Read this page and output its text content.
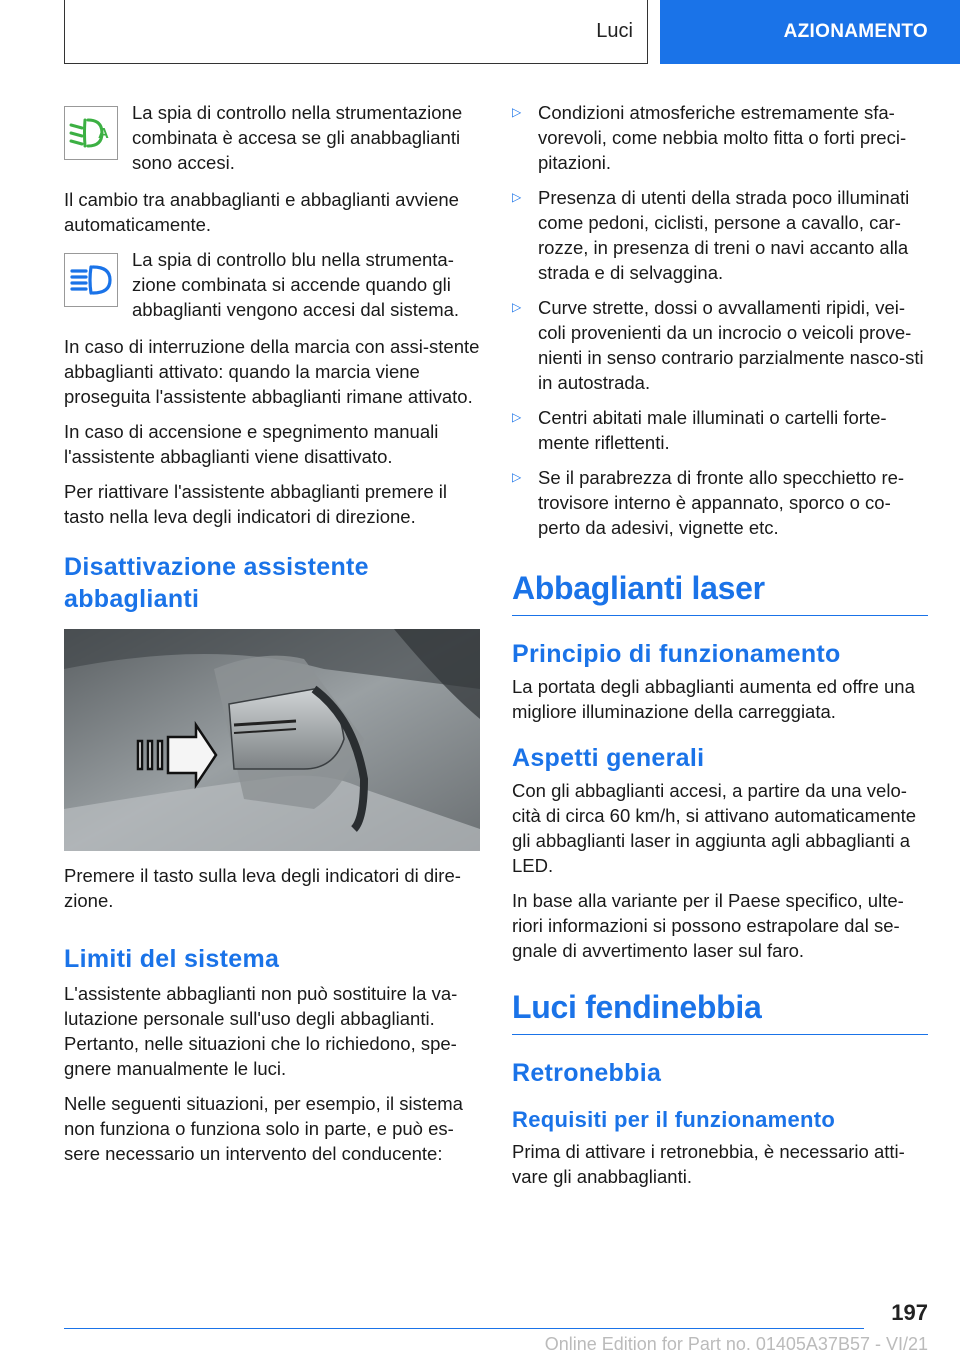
Luci	AZIONAMENTO
A

La spia di controllo nella strumentazione combinata è accesa se gli anabbaglianti sono accesi.

Il cambio tra anabbaglianti e abbaglianti avviene automaticamente.

La spia di controllo blu nella strumenta-zione combinata si accende quando gli abbaglianti vengono accesi dal sistema.

In caso di interruzione della marcia con assi-stente abbaglianti attivato: quando la marcia viene proseguita l'assistente abbaglianti rimane attivato.

In caso di accensione e spegnimento manuali l'assistente abbaglianti viene disattivato.

Per riattivare l'assistente abbaglianti premere il tasto nella leva degli indicatori di direzione.

Disattivazione assistente abbaglianti

Premere il tasto sulla leva degli indicatori di dire-zione.

Limiti del sistema

L'assistente abbaglianti non può sostituire la va-lutazione personale sull'uso degli abbaglianti. Pertanto, nelle situazioni che lo richiedono, spe-gnere manualmente le luci.

Nelle seguenti situazioni, per esempio, il sistema non funziona o funziona solo in parte, e può es-sere necessario un intervento del conducente:

▷ Condizioni atmosferiche estremamente sfa-vorevoli, come nebbia molto fitta o forti preci-pitazioni.
▷ Presenza di utenti della strada poco illuminati come pedoni, ciclisti, persone a cavallo, car-rozze, in presenza di treni o navi accanto alla strada e di selvaggina.
▷ Curve strette, dossi o avvallamenti ripidi, vei-coli provenienti da un incrocio o veicoli prove-nienti in senso contrario parzialmente nasco-sti in autostrada.
▷ Centri abitati male illuminati o cartelli forte-mente riflettenti.
▷ Se il parabrezza di fronte allo specchietto re-trovisore interno è appannato, sporco o co-perto da adesivi, vignette etc.
Abbaglianti laser
Principio di funzionamento

La portata degli abbaglianti aumenta ed offre una migliore illuminazione della carreggiata.

Aspetti generali

Con gli abbaglianti accesi, a partire da una velo-cità di circa 60 km/h, si attivano automaticamente gli abbaglianti laser in aggiunta agli abbaglianti a LED.

In base alla variante per il Paese specifico, ulte-riori informazioni si possono estrapolare dal se-gnale di avvertimento laser sul faro.

Luci fendinebbia
Retronebbia
Requisiti per il funzionamento

Prima di attivare i retronebbia, è necessario atti-vare gli anabbaglianti.

197
Online Edition for Part no. 01405A37B57 - VI/21
